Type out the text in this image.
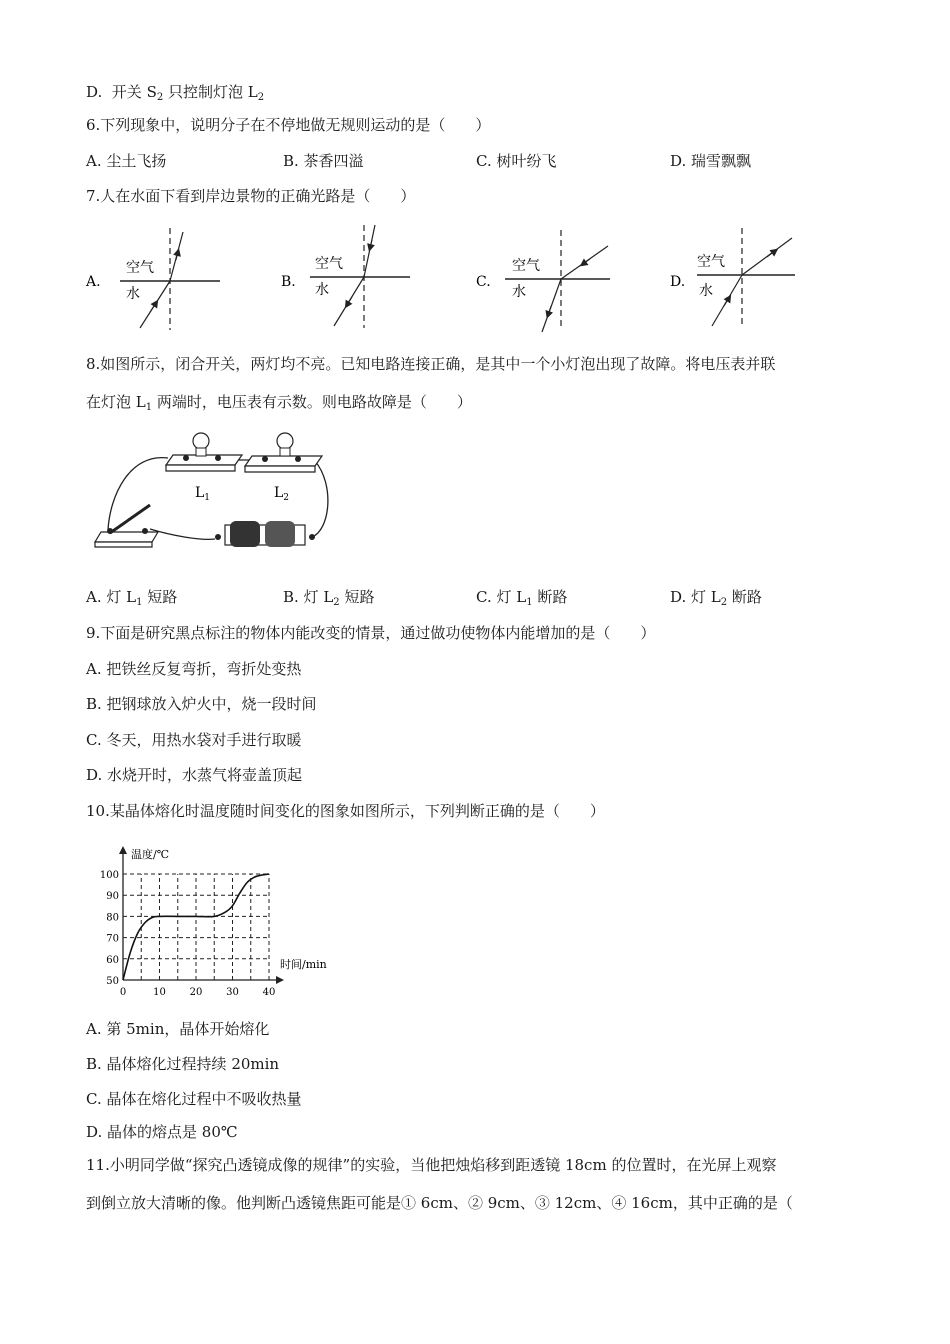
D.  开关 $S_2$ 只控制灯泡 $L_2$
6.下列现象中，说明分子在不停地做无规则运动的是（　　）
A. 尘土飞扬	B. 茶香四溢	C. 树叶纷飞	D. 瑞雪飘飘
7.人在水面下看到岸边景物的正确光路是（　　）
A.
空气
水
B.
空气
水	C.
空气
水
D.
空气
水
8.如图所示，闭合开关，两灯均不亮。已知电路连接正确，是其中一个小灯泡出现了故障。将电压表并联
在灯泡 $L_1$ 两端时，电压表有示数。则电路故障是（　　）
$L_1$	$L_2$
A. 灯 $L_1$ 短路	B. 灯 $L_2$ 短路	C. 灯 $L_1$ 断路	D. 灯 $L_2$ 断路
9.下面是研究黑点标注的物体内能改变的情景，通过做功使物体内能增加的是（　　）
A. 把铁丝反复弯折，弯折处变热
B. 把钢球放入炉火中，烧一段时间
C. 冬天，用热水袋对手进行取暖
D. 水烧开时，水蒸气将壶盖顶起
10.某晶体熔化时温度随时间变化的图象如图所示，下列判断正确的是（　　）
0	10 20 30 40
50
60
70
80
90
100
温度/℃
时间/min
A. 第 5min，晶体开始熔化
B. 晶体熔化过程持续 20min
C. 晶体在熔化过程中不吸收热量
D. 晶体的熔点是 80℃
11.小明同学做“探究凸透镜成像的规律”的实验，当他把烛焰移到距透镜 18cm 的位置时，在光屏上观察
到倒立放大清晰的像。他判断凸透镜焦距可能是① 6cm、② 9cm、③ 12cm、④ 16cm，其中正确的是（
